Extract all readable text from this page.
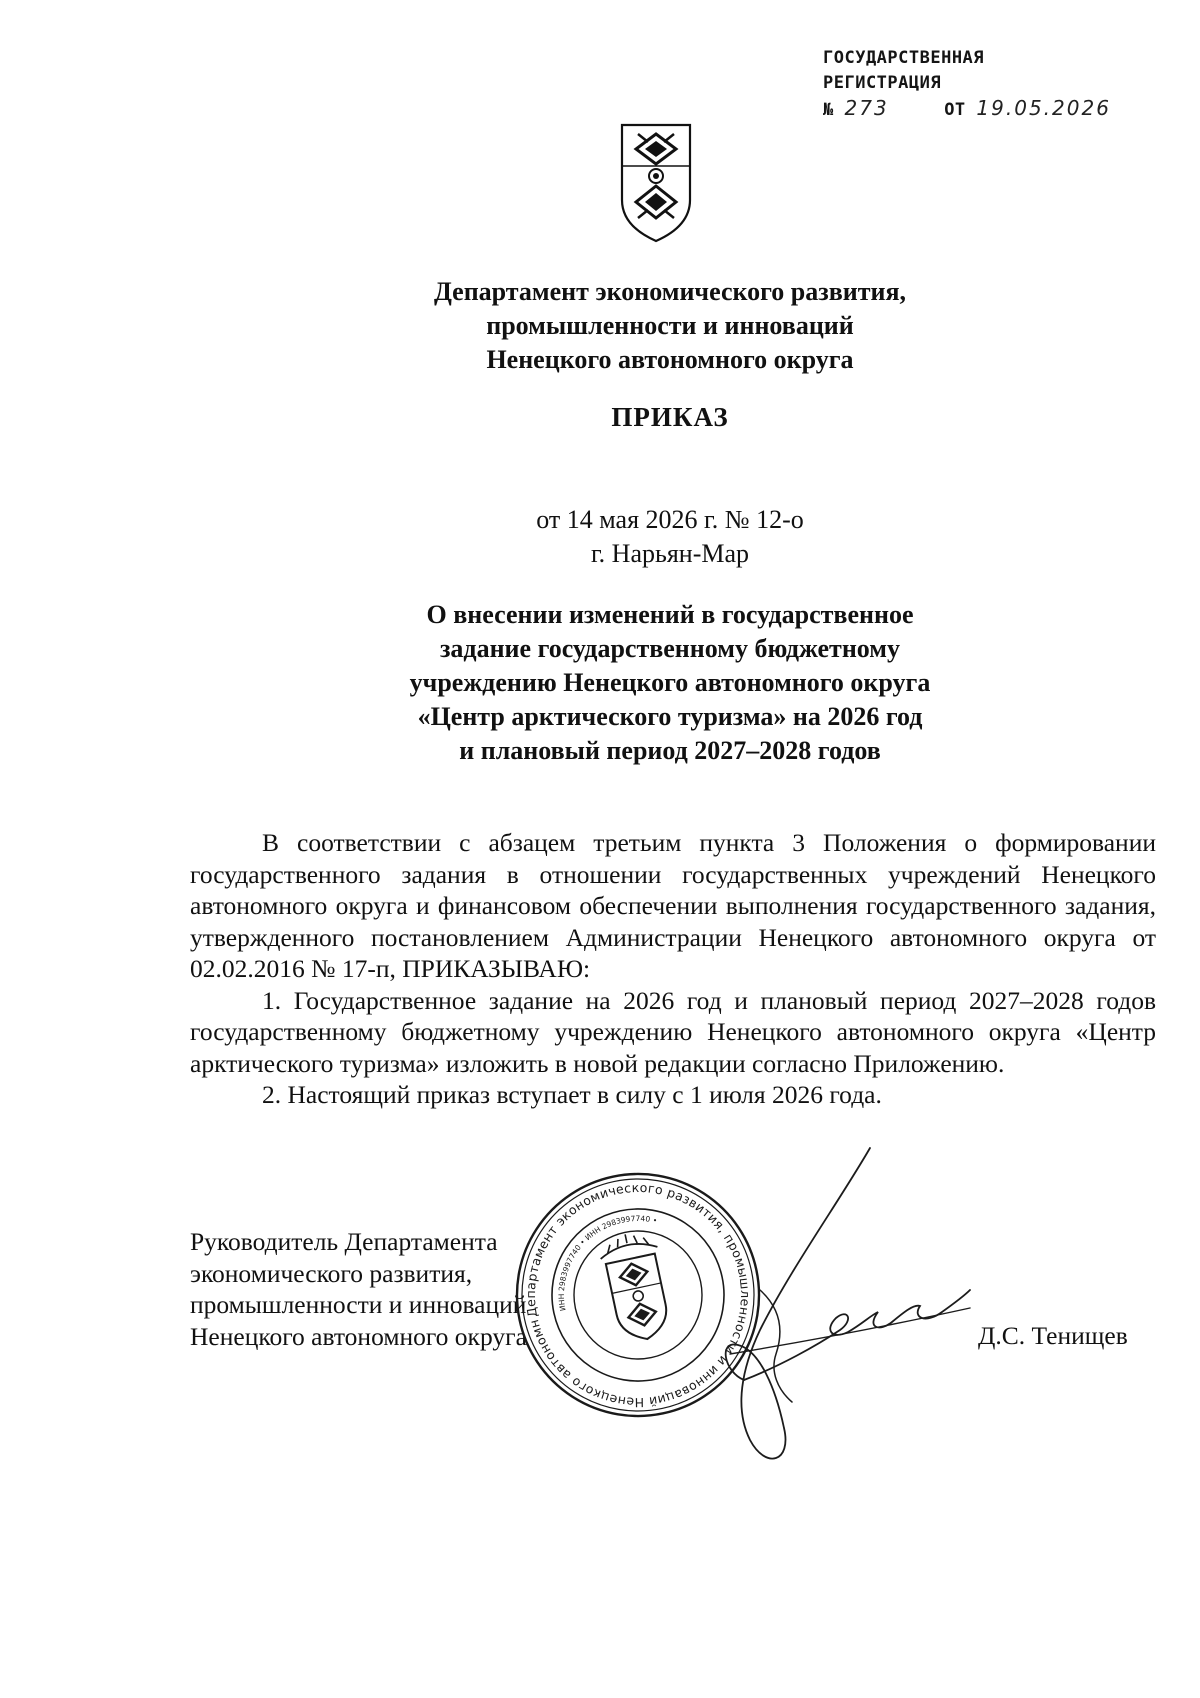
ГОСУДАРСТВЕННАЯ
РЕГИСТРАЦИЯ
№ 273	ОТ 19.05.2026
Департамент экономического развития,
промышленности и инноваций
Ненецкого автономного округа
ПРИКАЗ
от 14 мая 2026 г. № 12-о
г. Нарьян-Мар
О внесении изменений в государственное
задание государственному бюджетному
учреждению Ненецкого автономного округа
«Центр арктического туризма» на 2026 год
и плановый период 2027–2028 годов

В соответствии с абзацем третьим пункта 3 Положения о формировании государственного задания в отношении государственных учреждений Ненецкого автономного округа и финансовом обеспечении выполнения государственного задания, утвержденного постановлением Администрации Ненецкого автономного округа от 02.02.2016 № 17-п, ПРИКАЗЫВАЮ:

1. Государственное задание на 2026 год и плановый период 2027–2028 годов государственному бюджетному учреждению Ненецкого автономного округа «Центр арктического туризма» изложить в новой редакции согласно Приложению.

2. Настоящий приказ вступает в силу с 1 июля 2026 года.

Руководитель Департамента
экономического развития,
промышленности и инноваций
Ненецкого автономного округа	Д.С. Тенищев
Департамент экономического развития, промышленности и инноваций Ненецкого автономного
ИНН 2983997740 • ИНН 2983997740 •
